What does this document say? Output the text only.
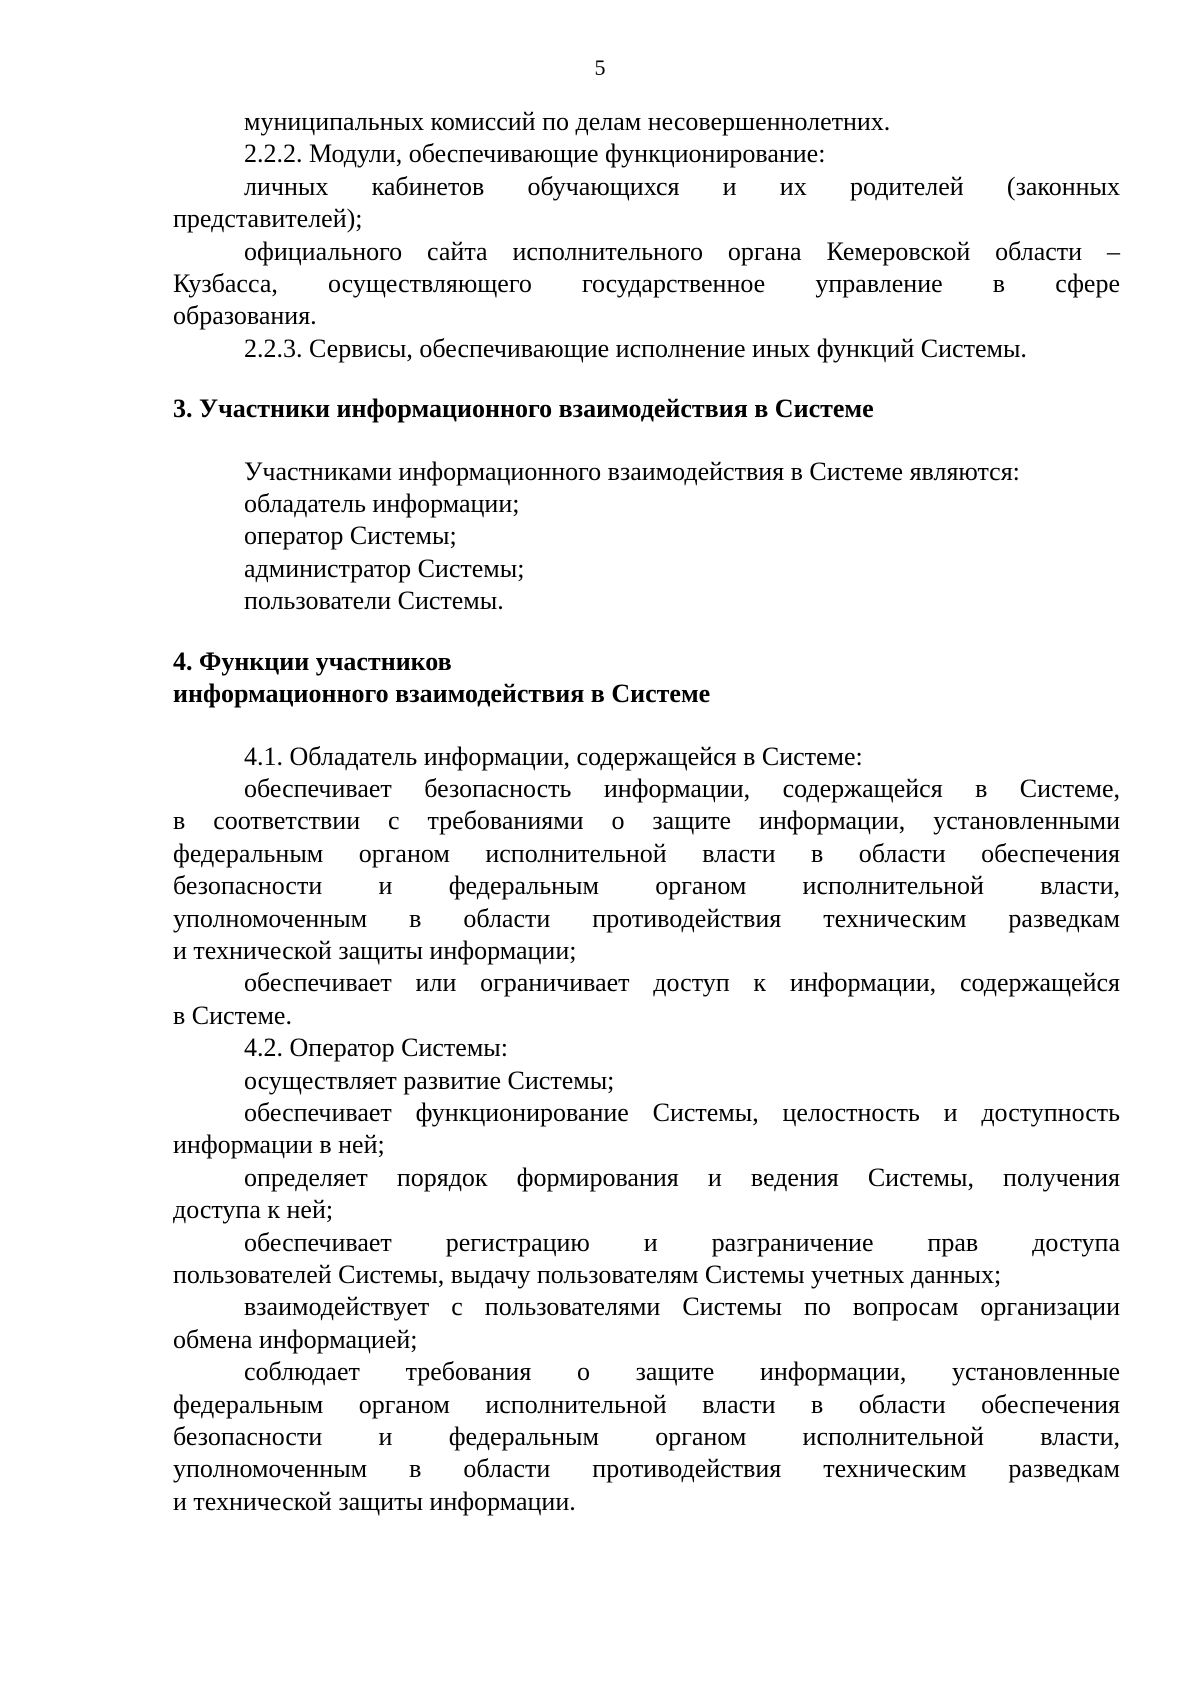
5

муниципальных комиссий по делам несовершеннолетних.

2.2.2. Модули, обеспечивающие функционирование:

личных кабинетов обучающихся и их родителей (законных

представителей);

официального сайта исполнительного органа Кемеровской области –

Кузбасса, осуществляющего государственное управление в сфере

образования.

2.2.3. Сервисы, обеспечивающие исполнение иных функций Системы.

3. Участники информационного взаимодействия в Системе

Участниками информационного взаимодействия в Системе являются:

обладатель информации;

оператор Системы;

администратор Системы;

пользователи Системы.

4. Функции участников

информационного взаимодействия в Системе

4.1. Обладатель информации, содержащейся в Системе:

обеспечивает безопасность информации, содержащейся в Системе,

в соответствии с требованиями о защите информации, установленными

федеральным органом исполнительной власти в области обеспечения

безопасности и федеральным органом исполнительной власти,

уполномоченным в области противодействия техническим разведкам

и технической защиты информации;

обеспечивает или ограничивает доступ к информации, содержащейся

в Системе.

4.2. Оператор Системы:

осуществляет развитие Системы;

обеспечивает функционирование Системы, целостность и доступность

информации в ней;

определяет порядок формирования и ведения Системы, получения

доступа к ней;

обеспечивает регистрацию и разграничение прав доступа

пользователей Системы, выдачу пользователям Системы учетных данных;

взаимодействует с пользователями Системы по вопросам организации

обмена информацией;

соблюдает требования о защите информации, установленные

федеральным органом исполнительной власти в области обеспечения

безопасности и федеральным органом исполнительной власти,

уполномоченным в области противодействия техническим разведкам

и технической защиты информации.
